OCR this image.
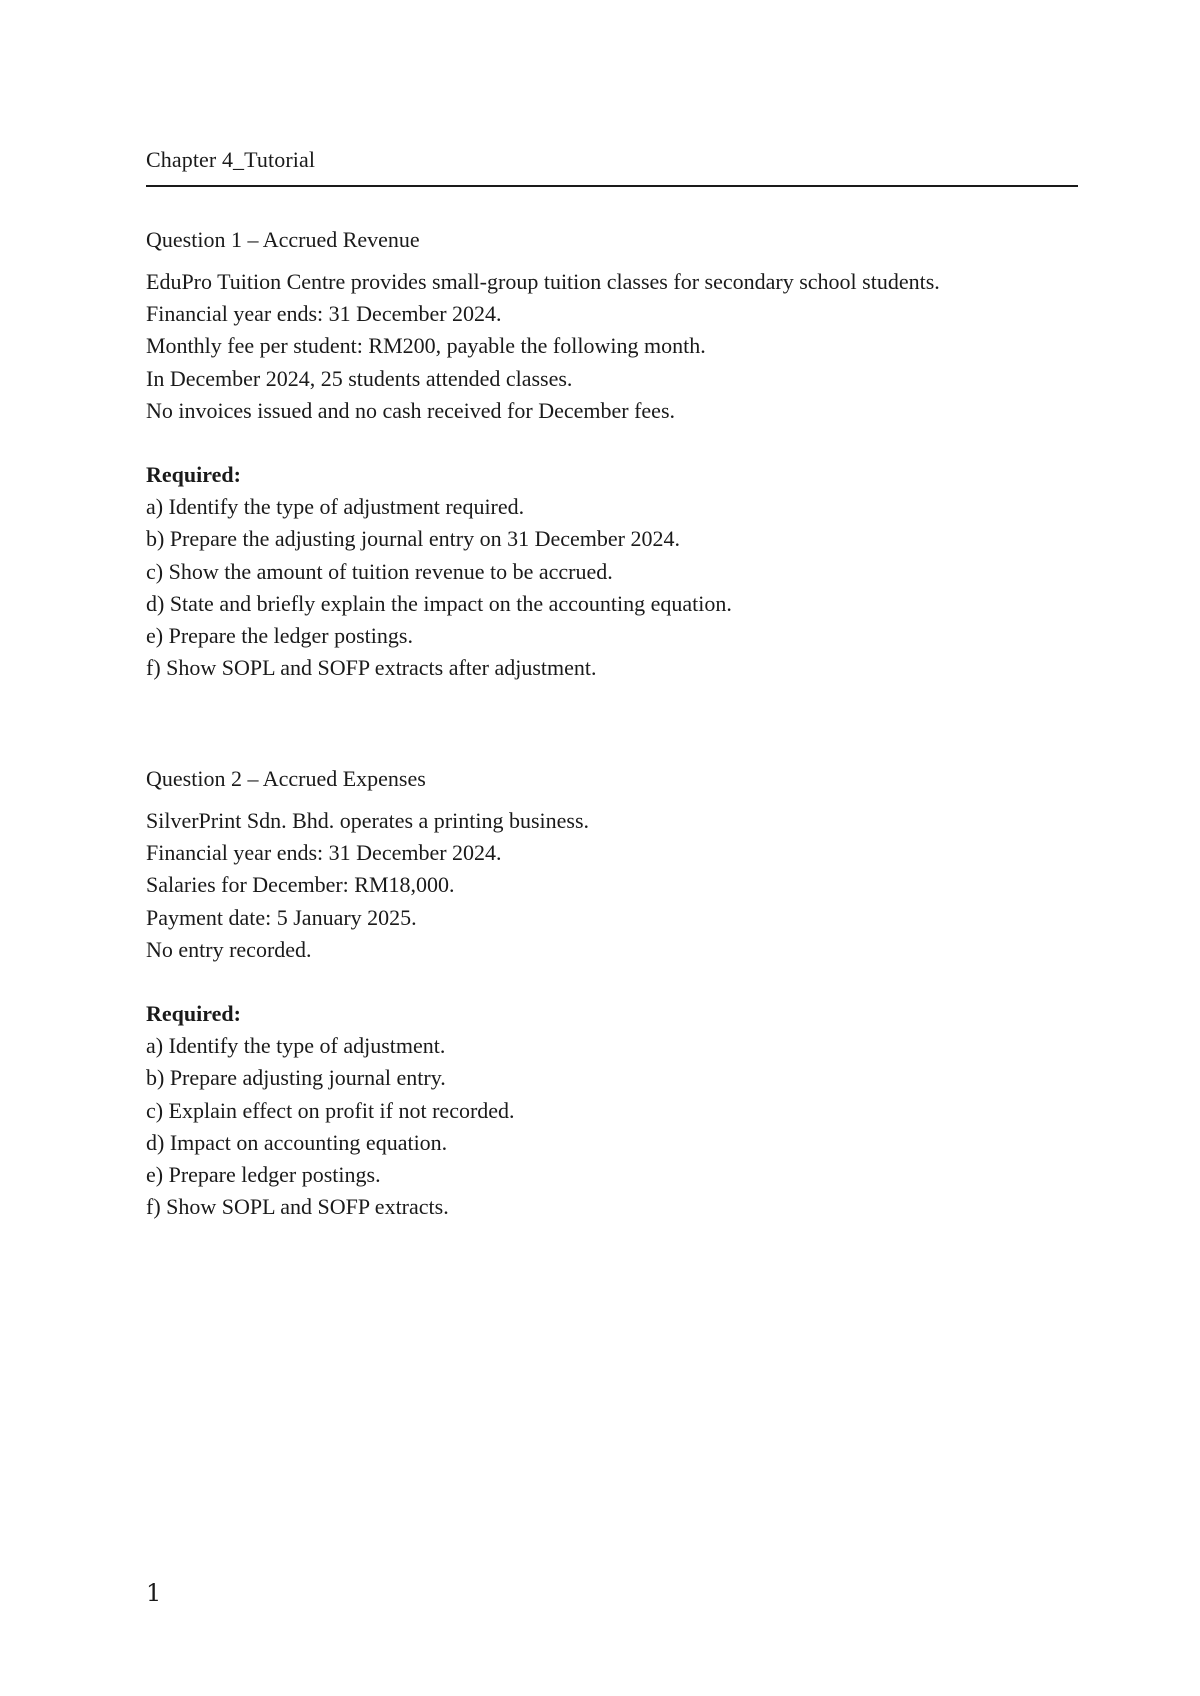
Chapter 4_Tutorial
Question 1 – Accrued Revenue
EduPro Tuition Centre provides small-group tuition classes for secondary school students.
Financial year ends: 31 December 2024.
Monthly fee per student: RM200, payable the following month.
In December 2024, 25 students attended classes.
No invoices issued and no cash received for December fees.
Required:
a) Identify the type of adjustment required.
b) Prepare the adjusting journal entry on 31 December 2024.
c) Show the amount of tuition revenue to be accrued.
d) State and briefly explain the impact on the accounting equation.
e) Prepare the ledger postings.
f) Show SOPL and SOFP extracts after adjustment.
Question 2 – Accrued Expenses
SilverPrint Sdn. Bhd. operates a printing business.
Financial year ends: 31 December 2024.
Salaries for December: RM18,000.
Payment date: 5 January 2025.
No entry recorded.
Required:
a) Identify the type of adjustment.
b) Prepare adjusting journal entry.
c) Explain effect on profit if not recorded.
d) Impact on accounting equation.
e) Prepare ledger postings.
f) Show SOPL and SOFP extracts.
1
